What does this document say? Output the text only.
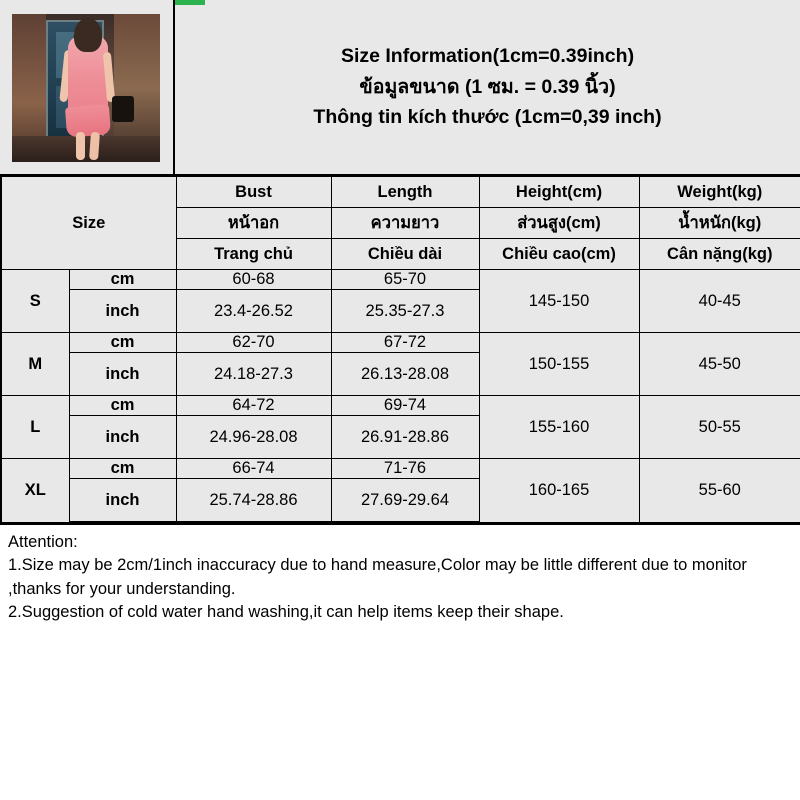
Size Information(1cm=0.39inch)
ข้อมูลขนาด (1 ซม. = 0.39 นิ้ว)
Thông tin kích thước (1cm=0,39 inch)
Size		Bust	Length	Height(cm)	Weight(kg)
		หน้าอก	ความยาว	ส่วนสูง(cm)	น้ำหนัก(kg)
		Trang chủ	Chiều dài	Chiều cao(cm)	Cân nặng(kg)
S	cm	60-68	65-70	145-150	40-45
	inch	23.4-26.52	25.35-27.3		
M	cm	62-70	67-72	150-155	45-50
	inch	24.18-27.3	26.13-28.08		
L	cm	64-72	69-74	155-160	50-55
	inch	24.96-28.08	26.91-28.86		
XL	cm	66-74	71-76	160-165	55-60
	inch	25.74-28.86	27.69-29.64		

Attention:

1.Size may be 2cm/1inch inaccuracy due to hand measure,Color may be little different due to monitor ,thanks for your understanding.

2.Suggestion of cold water hand washing,it can help items keep their shape.
